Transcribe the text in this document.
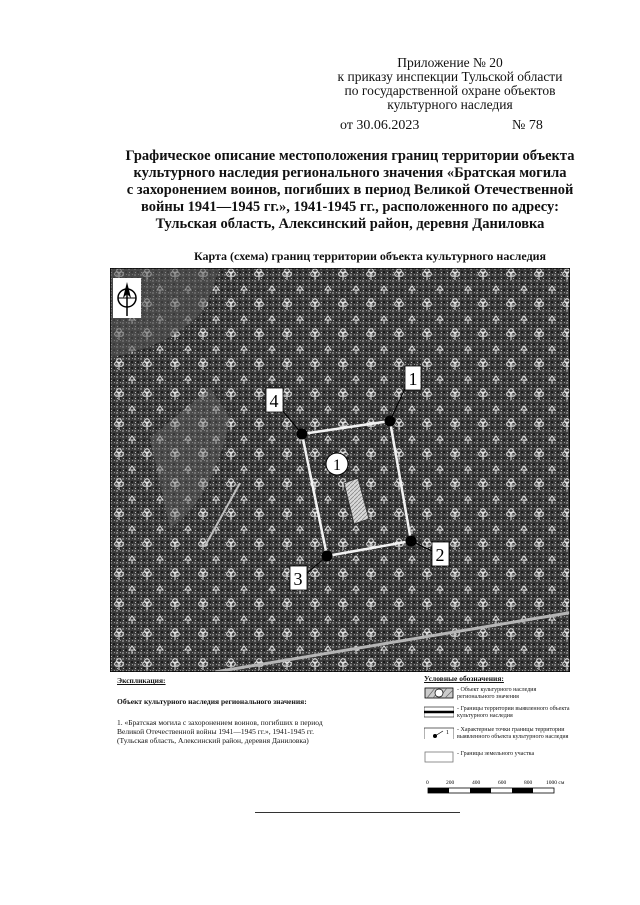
Приложение № 20
к приказу инспекции Тульской области
по государственной охране объектов
культурного наследия
от 30.06.2023	№ 78
Графическое описание местоположения границ территории объекта
культурного наследия регионального значения «Братская могила
с захоронением воинов, погибших в период Великой Отечественной
войны 1941—1945 гг.», 1941-1945 гг., расположенного по адресу:
Тульская область, Алексинский район, деревня Даниловка
Карта (схема) границ территории объекта культурного наследия
1
2
3
4
1
Экспликация:
Объект культурного наследия регионального значения:
1. «Братская могила с захоронением воинов, погибших в период
Великой Отечественной войны 1941—1945 гг.», 1941-1945 гг.
(Тульская область, Алексинский район, деревня Даниловка)
Условные обозначения:
- Объект культурного наследия регионального значения
- Границы территории выявленного объекта культурного наследия
1 - Характерные точки границы территории выявленного объекта культурного наследия
- Границы земельного участка
0	200	400	600	800	1000 см
